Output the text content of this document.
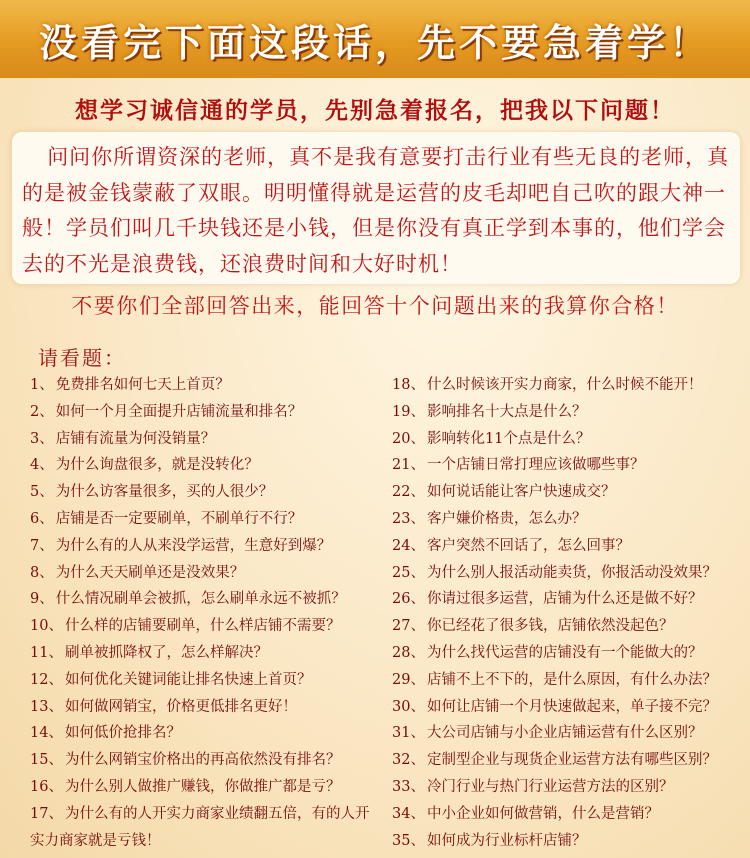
没看完下面这段话，先不要急着学！
想学习诚信通的学员，先别急着报名，把我以下问题！

问问你所谓资深的老师，真不是我有意要打击行业有些无良的老师，真的是被金钱蒙蔽了双眼。明明懂得就是运营的皮毛却吧自己吹的跟大神一般！学员们叫几千块钱还是小钱，但是你没有真正学到本事的，他们学会去的不光是浪费钱，还浪费时间和大好时机！

不要你们全部回答出来，能回答十个问题出来的我算你合格！
请看题：
1、 免费排名如何七天上首页？
2、 如何一个月全面提升店铺流量和排名？
3、 店铺有流量为何没销量？
4、 为什么询盘很多，就是没转化？
5、 为什么访客量很多，买的人很少？
6、 店铺是否一定要刷单，不刷单行不行？
7、 为什么有的人从来没学运营，生意好到爆？
8、 为什么天天刷单还是没效果？
9、 什么情况刷单会被抓，怎么刷单永远不被抓？
10、 什么样的店铺要刷单，什么样店铺不需要？
11、 刷单被抓降权了，怎么样解决？
12、 如何优化关键词能让排名快速上首页？
13、 如何做网销宝，价格更低排名更好！
14、 如何低价抢排名？
15、 为什么网销宝价格出的再高依然没有排名？
16、 为什么别人做推广赚钱，你做推广都是亏？
17、 为什么有的人开实力商家业绩翻五倍，有的人开实力商家就是亏钱！
18、 什么时候该开实力商家，什么时候不能开！
19、 影响排名十大点是什么？
20、 影响转化11个点是什么？
21、 一个店铺日常打理应该做哪些事？
22、 如何说话能让客户快速成交？
23、 客户嫌价格贵，怎么办？
24、 客户突然不回话了，怎么回事？
25、 为什么别人报活动能卖货，你报活动没效果？
26、 你请过很多运营，店铺为什么还是做不好？
27、 你已经花了很多钱，店铺依然没起色？
28、 为什么找代运营的店铺没有一个能做大的？
29、 店铺不上不下的，是什么原因，有什么办法？
30、 如何让店铺一个月快速做起来，单子接不完？
31、 大公司店铺与小企业店铺运营有什么区别？
32、 定制型企业与现货企业运营方法有哪些区别？
33、 冷门行业与热门行业运营方法的区别？
34、 中小企业如何做营销，什么是营销？
35、 如何成为行业标杆店铺？
